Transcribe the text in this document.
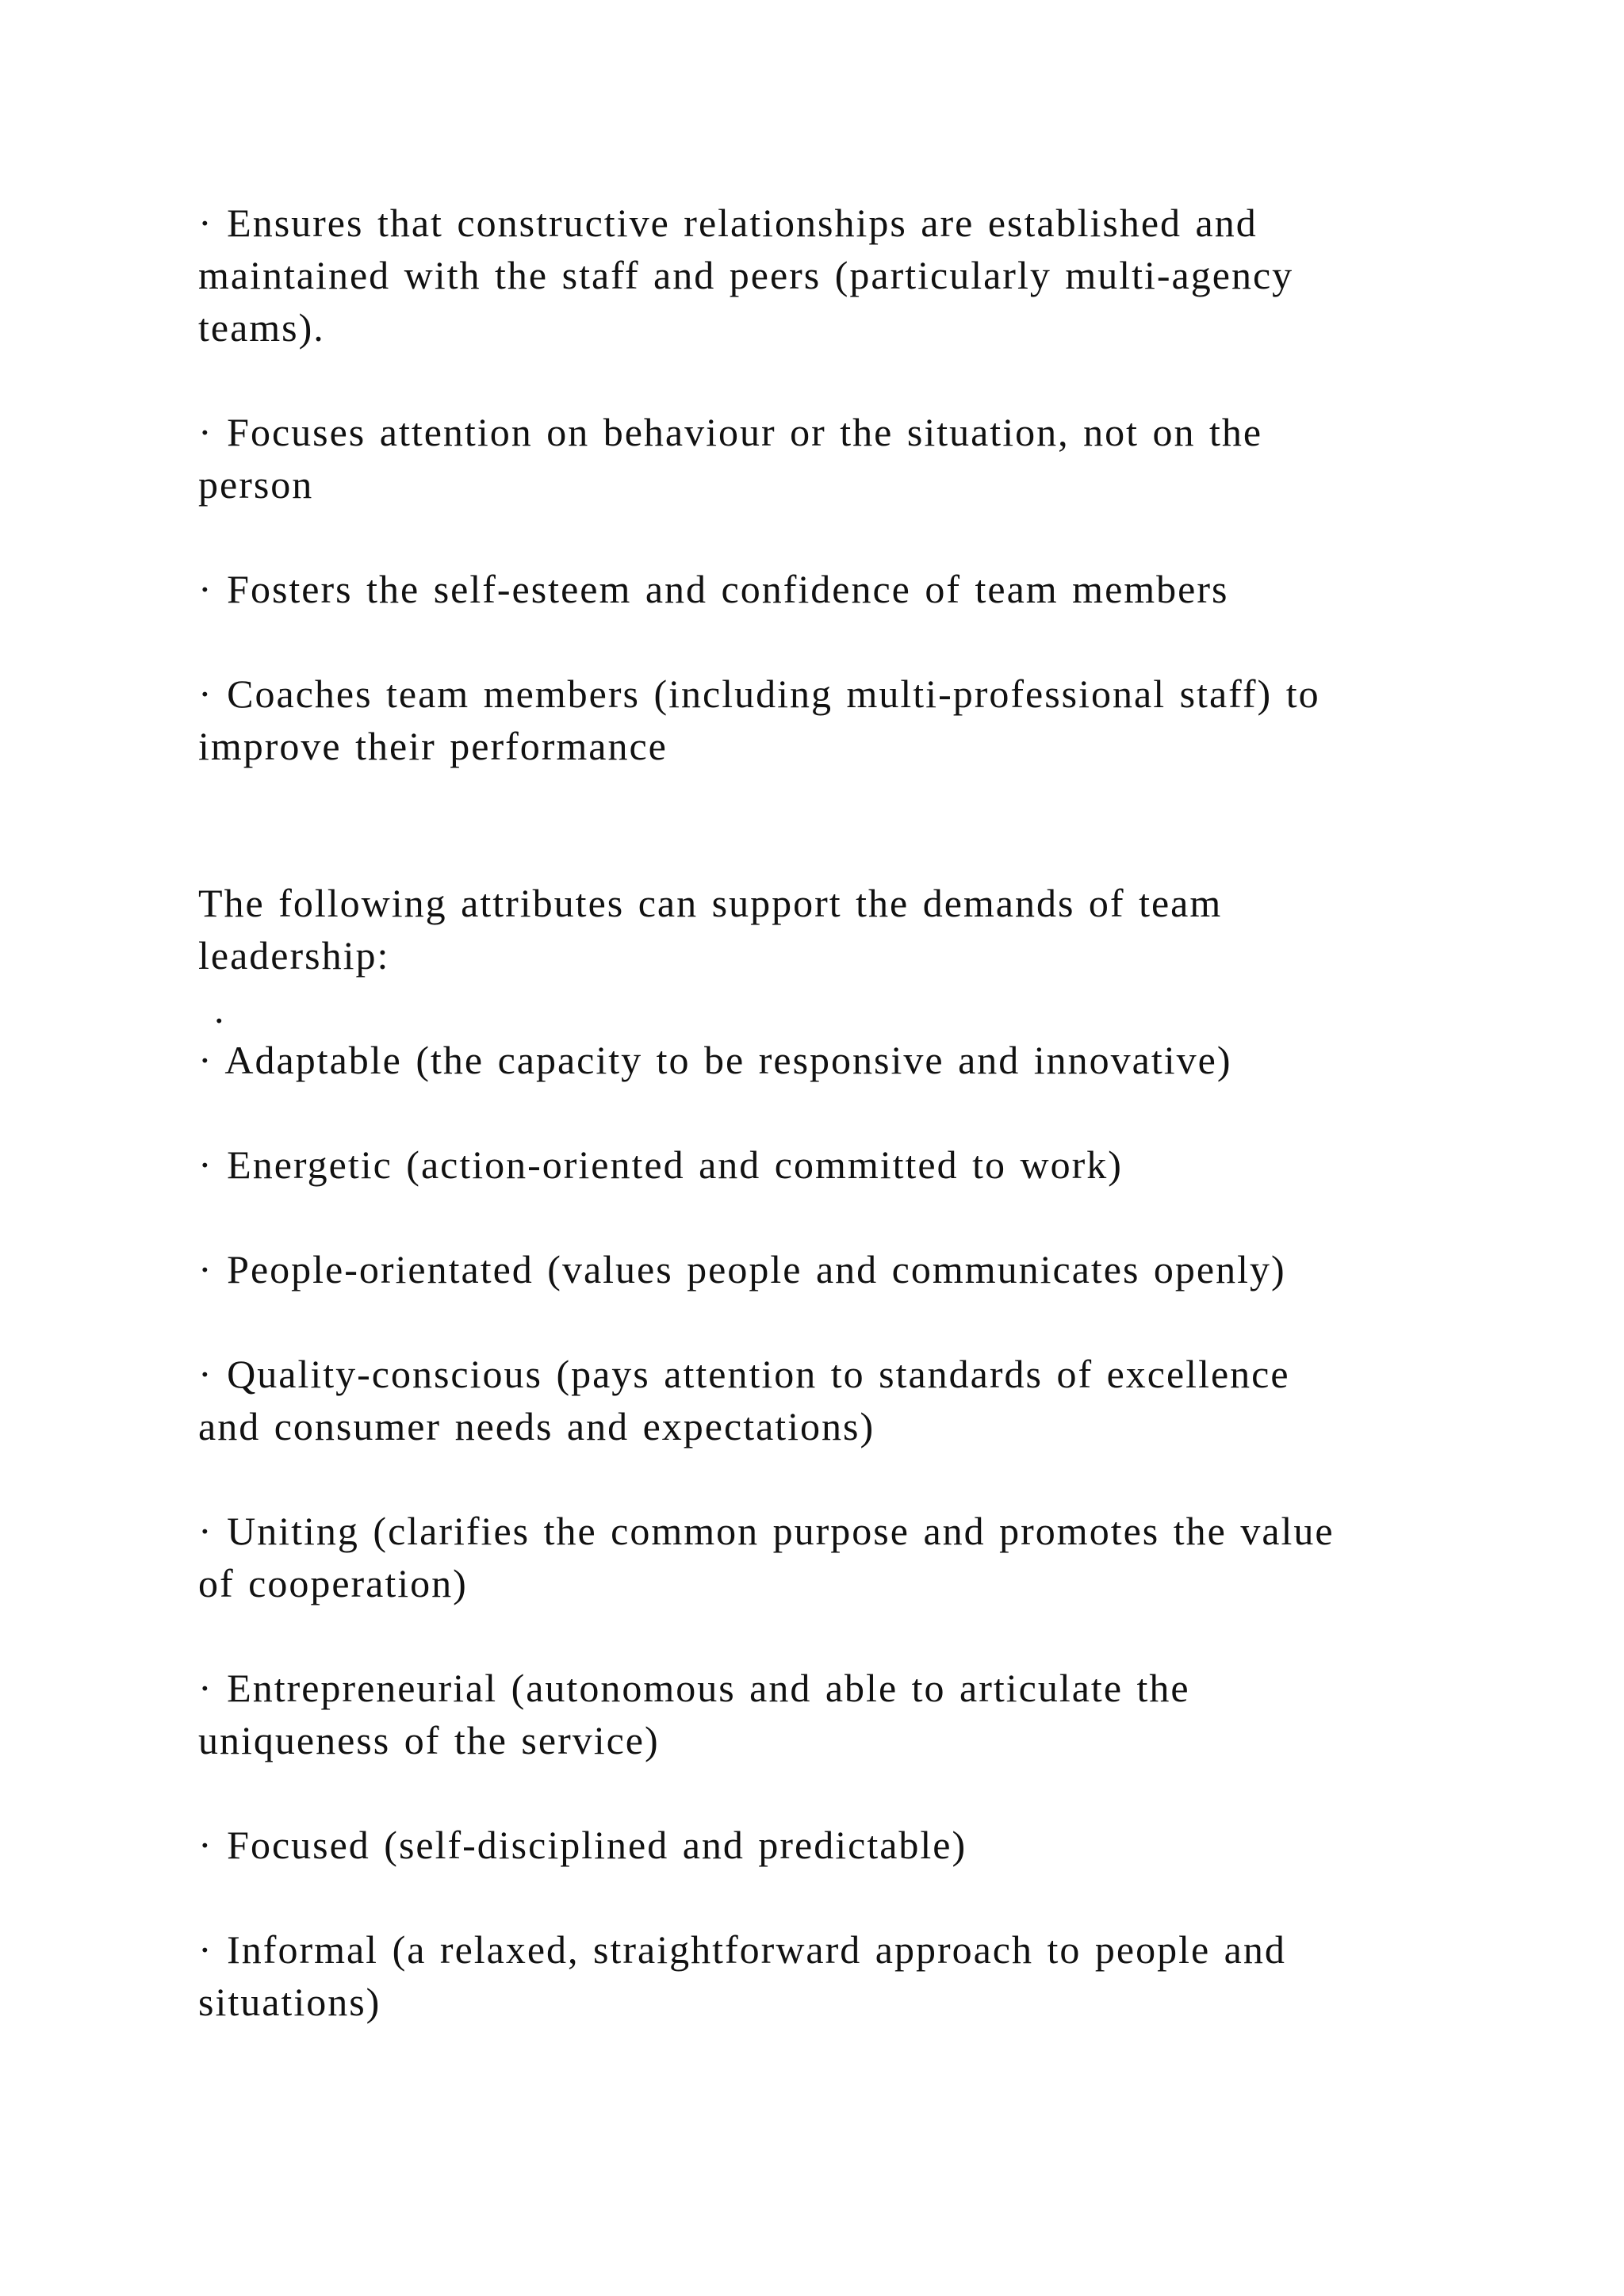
· Ensures that constructive relationships are established and
maintained with the staff and peers (particularly multi-agency
teams).
· Focuses attention on behaviour or the situation, not on the
person
· Fosters the self-esteem and confidence of team members
· Coaches team members (including multi-professional staff) to
improve their performance
The following attributes can support the demands of team
leadership:
.
· Adaptable (the capacity to be responsive and innovative)
· Energetic (action-oriented and committed to work)
· People-orientated (values people and communicates openly)
· Quality-conscious (pays attention to standards of excellence
and consumer needs and expectations)
· Uniting (clarifies the common purpose and promotes the value
of cooperation)
· Entrepreneurial (autonomous and able to articulate the
uniqueness of the service)
· Focused (self-disciplined and predictable)
· Informal (a relaxed, straightforward approach to people and
situations)
